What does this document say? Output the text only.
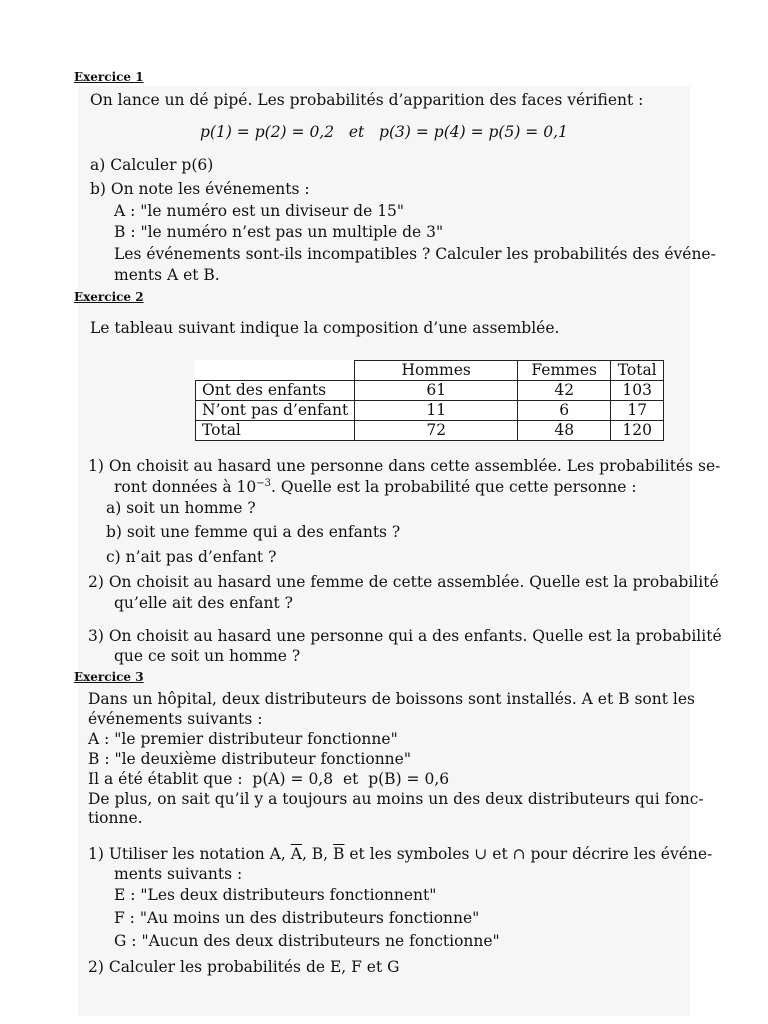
Exercice 1
On lance un dé pipé. Les probabilités d’apparition des faces vérifient :
p(1) = p(2) = 0,2   et   p(3) = p(4) = p(5) = 0,1
a) Calculer p(6)
b) On note les événements :
A : "le numéro est un diviseur de 15"
B : "le numéro n’est pas un multiple de 3"
Les événements sont-ils incompatibles ? Calculer les probabilités des événe-
ments A et B.
Exercice 2
Le tableau suivant indique la composition d’une assemblée.
	Hommes	Femmes	Total
Ont des enfants	61	42	103
N’ont pas d’enfant	11	6	17
Total	72	48	120
1) On choisit au hasard une personne dans cette assemblée. Les probabilités se-
ront données à $10^{-3}$. Quelle est la probabilité que cette personne :
a) soit un homme ?
b) soit une femme qui a des enfants ?
c) n’ait pas d’enfant ?
2) On choisit au hasard une femme de cette assemblée. Quelle est la probabilité
qu’elle ait des enfant ?
3) On choisit au hasard une personne qui a des enfants. Quelle est la probabilité
que ce soit un homme ?
Exercice 3
Dans un hôpital, deux distributeurs de boissons sont installés. A et B sont les
événements suivants :
A : "le premier distributeur fonctionne"
B : "le deuxième distributeur fonctionne"
Il a été établit que :  p(A) = 0,8  et  p(B) = 0,6
De plus, on sait qu’il y a toujours au moins un des deux distributeurs qui fonc-
tionne.
1) Utiliser les notation A, $\overline{A}$, B, $\overline{B}$ et les symboles ∪ et ∩ pour décrire les événe-
ments suivants :
E : "Les deux distributeurs fonctionnent"
F : "Au moins un des distributeurs fonctionne"
G : "Aucun des deux distributeurs ne fonctionne"
2) Calculer les probabilités de E, F et G
